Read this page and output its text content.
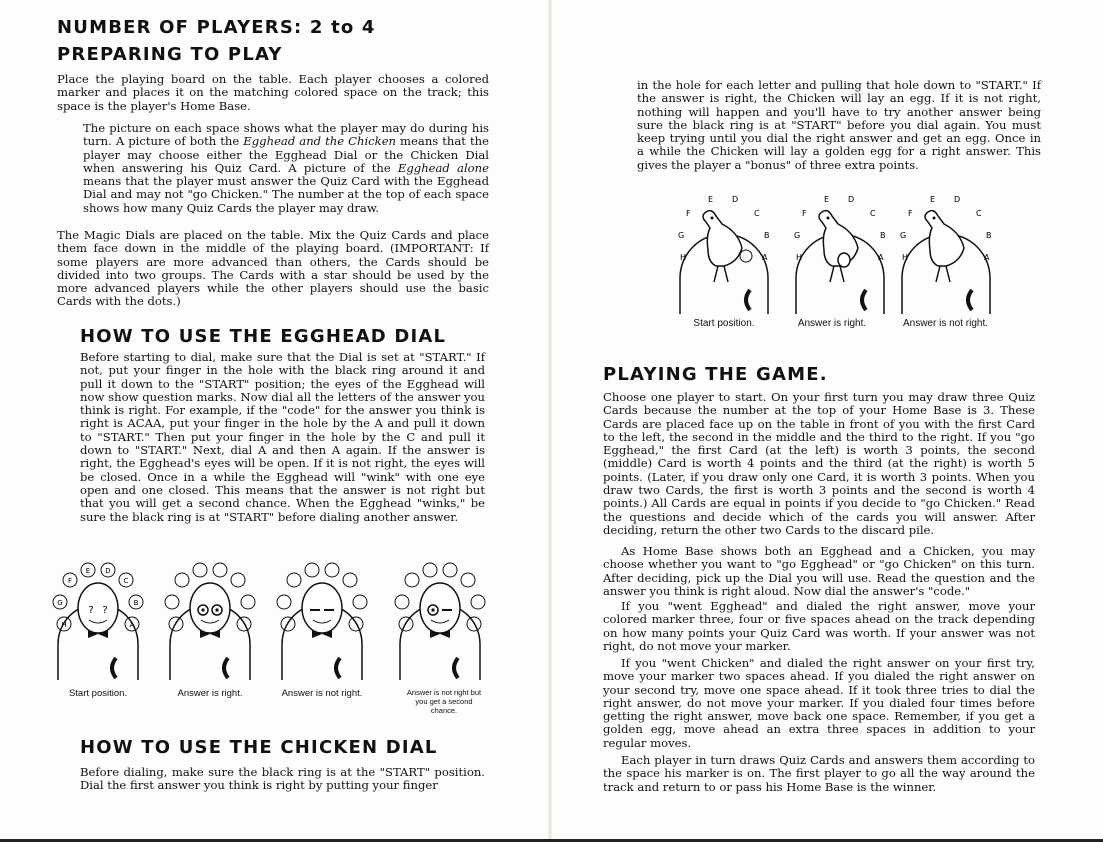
NUMBER OF PLAYERS: 2 to 4
PREPARING TO PLAY

Place the playing board on the table. Each player chooses a colored marker and places it on the matching colored space on the track; this space is the player's Home Base.

The picture on each space shows what the player may do during his turn. A picture of both the Egghead and the Chicken means that the player may choose either the Egghead Dial or the Chicken Dial when answering his Quiz Card. A picture of the Egghead alone means that the player must answer the Quiz Card with the Egghead Dial and may not "go Chicken." The number at the top of each space shows how many Quiz Cards the player may draw.

The Magic Dials are placed on the table. Mix the Quiz Cards and place them face down in the middle of the playing board. (IMPORTANT: If some players are more advanced than others, the Cards should be divided into two groups. The Cards with a star should be used by the more advanced players while the other players should use the basic Cards with the dots.)

HOW TO USE THE EGGHEAD DIAL

Before starting to dial, make sure that the Dial is set at "START." If not, put your finger in the hole with the black ring around it and pull it down to the "START" position; the eyes of the Egghead will now show question marks. Now dial all the letters of the answer you think is right. For example, if the "code" for the answer you think is right is ACAA, put your finger in the hole by the A and pull it down to "START." Then put your finger in the hole by the C and pull it down to "START." Next, dial A and then A again. If the answer is right, the Egghead's eyes will be open. If it is not right, the eyes will be closed. Once in a while the Egghead will "wink" with one eye open and one closed. This means that the answer is not right but that you will get a second chance. When the Egghead "winks," be sure the black ring is at "START" before dialing another answer.

F
E D
C
B
A
H
G
? ?
Start position.	Answer is right.	Answer is not right.	Answer is not right but you get a second chance.
HOW TO USE THE CHICKEN DIAL

Before dialing, make sure the black ring is at the "START" position. Dial the first answer you think is right by putting your finger

in the hole for each letter and pulling that hole down to "START." If the answer is right, the Chicken will lay an egg. If it is not right, nothing will happen and you'll have to try another answer being sure the black ring is at "START" before you dial again. You must keep trying until you dial the right answer and get an egg. Once in a while the Chicken will lay a golden egg for a right answer. This gives the player a "bonus" of three extra points.

F
E D
C
B
A
H
G
F
E D
C
B
A
H
G
F
E D
C
B
A
H
G
Start position.	Answer is right.	Answer is not right.
PLAYING THE GAME.

Choose one player to start. On your first turn you may draw three Quiz Cards because the number at the top of your Home Base is 3. These Cards are placed face up on the table in front of you with the first Card to the left, the second in the middle and the third to the right. If you "go Egghead," the first Card (at the left) is worth 3 points, the second (middle) Card is worth 4 points and the third (at the right) is worth 5 points. (Later, if you draw only one Card, it is worth 3 points. When you draw two Cards, the first is worth 3 points and the second is worth 4 points.) All Cards are equal in points if you decide to "go Chicken." Read the questions and decide which of the cards you will answer. After deciding, return the other two Cards to the discard pile.

As Home Base shows both an Egghead and a Chicken, you may choose whether you want to "go Egghead" or "go Chicken" on this turn. After deciding, pick up the Dial you will use. Read the question and the answer you think is right aloud. Now dial the answer's "code."

If you "went Egghead" and dialed the right answer, move your colored marker three, four or five spaces ahead on the track depending on how many points your Quiz Card was worth. If your answer was not right, do not move your marker.

If you "went Chicken" and dialed the right answer on your first try, move your marker two spaces ahead. If you dialed the right answer on your second try, move one space ahead. If it took three tries to dial the right answer, do not move your marker. If you dialed four times before getting the right answer, move back one space. Remember, if you get a golden egg, move ahead an extra three spaces in addition to your regular moves.

Each player in turn draws Quiz Cards and answers them according to the space his marker is on. The first player to go all the way around the track and return to or pass his Home Base is the winner.
